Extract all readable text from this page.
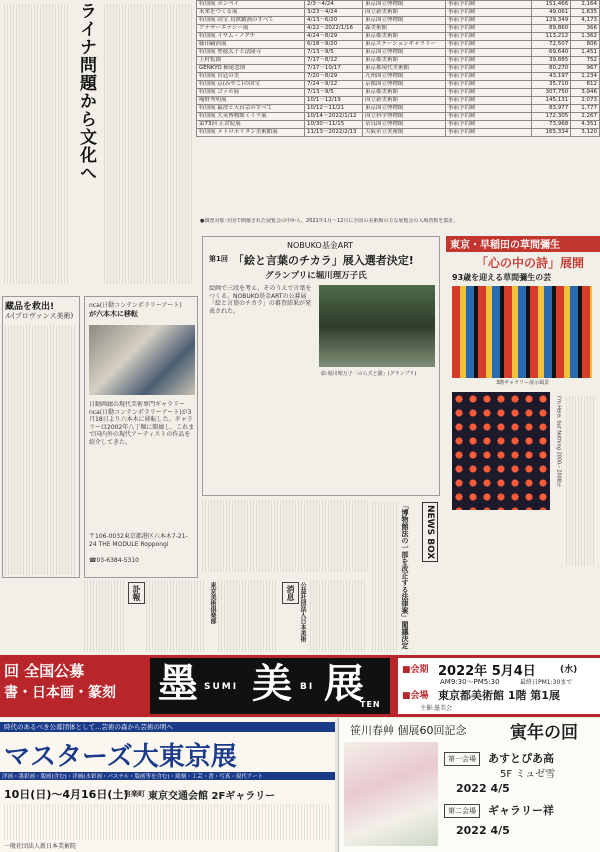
ライナ問題から文化へ
藏品を救出!
ル(プロヴァンス美術)
ncа(日動コンテンポラリーアート)
が六本木に移転
日動画廊の現代美術専門ギャラリー ncа(日動コンテンポラリーアート)が3月18日より六本木に移転した。ギャラリーは2002年八丁堀に開廊し、これまで国内外の現代アーティストの作品を紹介してきた。
〒106-0032東京都港区六本木7-21-24 THE MODULE Roppongi
☎03-6384-5310
特別展 ポンペイ	2/3〜4/24	東京国立博物館	事前予約制	151,466	2,164
未来をつくる展	3/23〜4/24	国立新美術館	事前予約制	49,061	1,635
特別展 国宝 鳥獣戯画のすべて	4/13〜6/20	東京国立博物館	事前予約制	129,349	4,173
アナザーエナジー展	4/22〜2022/1/16	森美術館	事前予約制	89,860	366
特別展 イサム・ノグチ	4/24〜8/29	東京都美術館	事前予約制	113,212	1,362
藤田嗣治展	6/18〜9/20	東京ステーションギャラリー	事前予約制	72,507	806
特別展 聖徳太子と法隆寺	7/13〜9/5	東京国立博物館	事前予約制	69,640	1,451
上村松園	7/17〜8/12	東京都美術館	事前予約制	39,885	752
GENKYO 横尾忠則	7/17〜10/17	東京都現代美術館	事前予約制	80,270	967
特別展 宮廷の美	7/20〜8/29	九州国立博物館	事前予約制	43,197	1,234
特別展 京(みやこ)の国宝	7/24〜9/12	京都国立博物館	事前予約制	35,710	812
特別展 ゴッホ展	7/13〜9/5	東京都美術館	事前予約制	307,750	3,946
庵野秀明展	10/1〜12/19	国立新美術館	事前予約制	145,131	2,073
特別展 最澄と天台宗のすべて	10/12〜11/21	東京国立博物館	事前予約制	83,977	1,777
特別展 大英博物館ミイラ展	10/14〜2022/1/12	国立科学博物館	事前予約制	172,305	2,267
第73回 正倉院展	10/30〜11/15	奈良国立博物館	事前予約制	73,968	4,351
特別展 メトロポリタン美術館展	11/13〜2022/2/13	大阪市立美術館	事前予約制	165,334	3,120
●調査対象:全国で開催された展覧会の中から、2021年1月〜12月に全国の美術館の主な展覧会の入場者数を集計。
NOBUKO基金ART
第1回 「絵と言葉のチカラ」展入選者決定!
グランプリに堀川理万子氏
絵画で三段を考え、そのうえで言葉をつくる。NOBUKO基金ARTの公募展「絵と言葉のチカラ」の審査結果が発表された。
絵:堀川理万子「のら犬と猫」(グランプリ)
東京・早稲田の草間彌生
「心の中の詩」展開
93歳を迎える草間彌生の芸
3階ギャラリー展示風景
I'm Here, but Nothing 2000〜2008年
NEWS BOX
「博物館法の一部を改正する法律案」閣議決定
訃報	東京美術倶楽部	消息 公益社団法人日本美術
回 全国公募
書・日本画・篆刻 墨 SUMI 美 BI 展
TEN
■会期 2022年 5月4日	(水)
AM9:30〜PM5:30	最終日PM1:30まで
■会場 東京都美術館 1階 第1展
主催:墨美会
時代のあるべき公募団体として…芸術の森から芸術の明へ
マスターズ大東京展
洋画・墨彩画・版画(含む)・洋画(水彩画・パステル・版画等を含む)・彫刻・工芸・書・写真・現代アート
10日(日)〜4月16日(土)
有楽町 東京交通会館 2Fギャラリー
一般社団法人新日本美術院
笹川春艸 個展60回記念	寅年の回
第一会場	あすとぴあ高
5F ミュゼ雪
2022 4/5
第二会場	ギャラリー祥
2022 4/5
